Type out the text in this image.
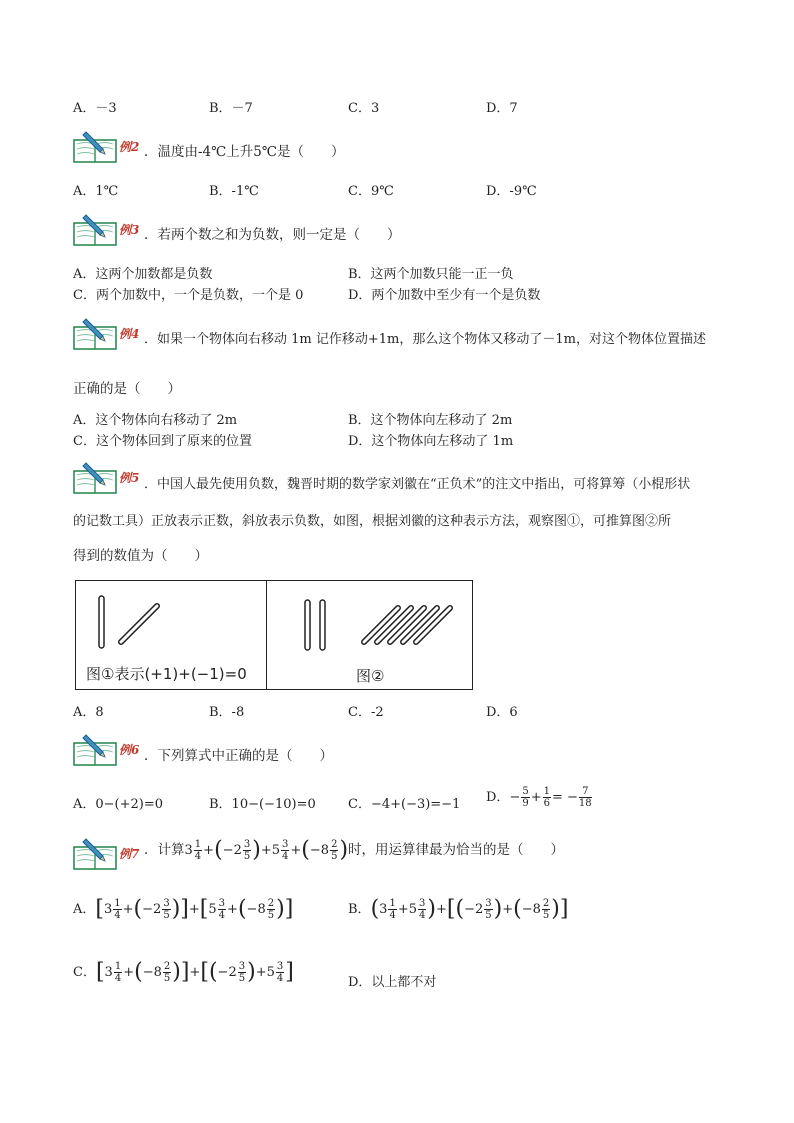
A．－3	B．－7	C．3	D．7
例2 ．温度由-4℃上升5℃是（　　）
A．1℃	B．-1℃	C．9℃	D．-9℃
例3 ．若两个数之和为负数，则一定是（　　）
A．这两个加数都是负数	B．这两个加数只能一正一负
C．两个加数中，一个是负数，一个是 0	D．两个加数中至少有一个是负数
例4 ．如果一个物体向右移动 1m 记作移动+1m，那么这个物体又移动了－1m，对这个物体位置描述
正确的是（　　）
A．这个物体向右移动了 2m	B．这个物体向左移动了 2m
C．这个物体回到了原来的位置	D．这个物体向左移动了 1m
例5 ．中国人最先使用负数，魏晋时期的数学家刘徽在“正负术”的注文中指出，可将算筹（小棍形状
的记数工具）正放表示正数，斜放表示负数，如图，根据刘徽的这种表示方法，观察图①，可推算图②所
得到的数值为（　　）
图①表示(+1)+(−1)=0	图②
A．8	B．-8	C．-2	D．6
例6 ．下列算式中正确的是（　　）
A．0−(+2)=0	B．10−(−10)=0 C．−4+(−3)=−1 D．− $\frac{5}{9} + \frac{1}{6}$ = − $\frac{7}{18}$
例7 ．计算$3 \frac{1}{4} +(-2 \frac{3}{5} )+5 \frac{3}{4} +(-8 \frac{2}{5}$ )时，用运算律最为恰当的是（　　）
A．$[3 \frac{1}{4} +(-2 \frac{3}{5} )]+[5 \frac{3}{4} +(-8 \frac{2}{5}$ )]	B．$(3 \frac{1}{4} +5 \frac{3}{4} )+[(-2 \frac{3}{5} )+(-8 \frac{2}{5}$ )]
C．$[3 \frac{1}{4} +(-8 \frac{2}{5} )]+[(-2 \frac{3}{5} )+5 \frac{3}{4}$ ]	D．以上都不对
